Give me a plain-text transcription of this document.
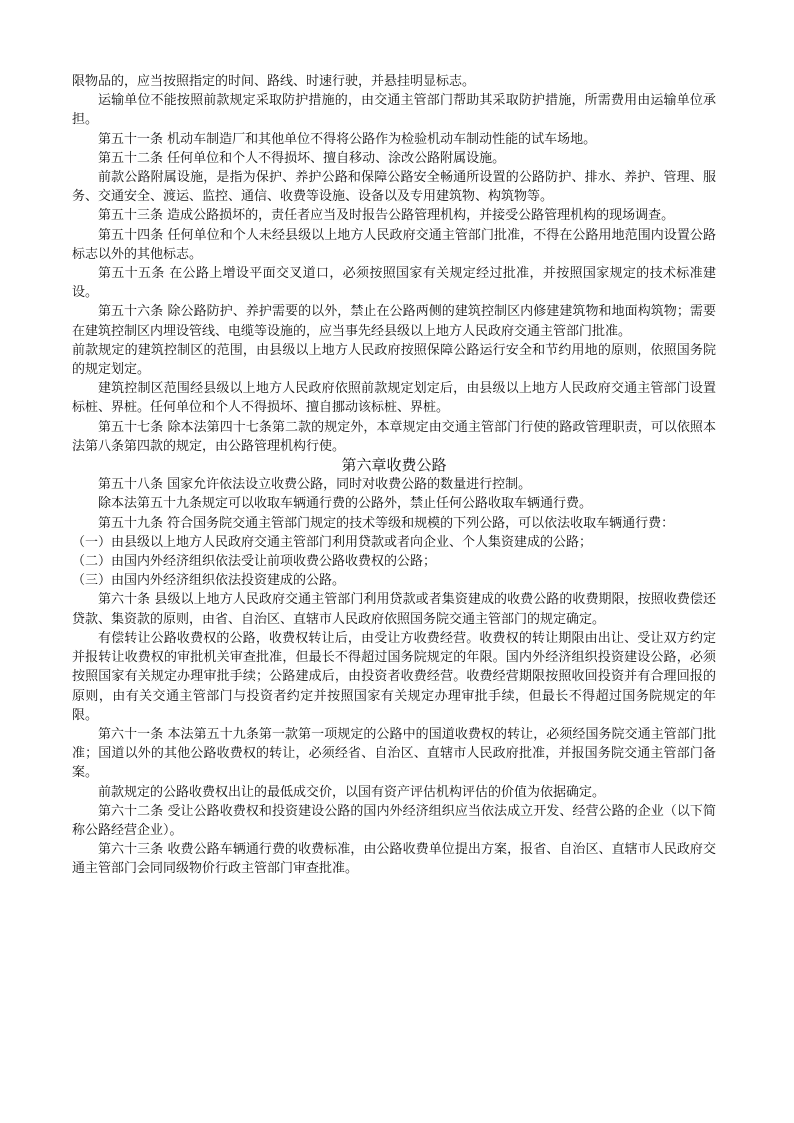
限物品的，应当按照指定的时间、路线、时速行驶，并悬挂明显标志。

运输单位不能按照前款规定采取防护措施的，由交通主管部门帮助其采取防护措施，所需费用由运输单位承担。

第五十一条 机动车制造厂和其他单位不得将公路作为检验机动车制动性能的试车场地。

第五十二条 任何单位和个人不得损坏、擅自移动、涂改公路附属设施。

前款公路附属设施，是指为保护、养护公路和保障公路安全畅通所设置的公路防护、排水、养护、管理、服务、交通安全、渡运、监控、通信、收费等设施、设备以及专用建筑物、构筑物等。

第五十三条 造成公路损坏的，责任者应当及时报告公路管理机构，并接受公路管理机构的现场调查。

第五十四条 任何单位和个人未经县级以上地方人民政府交通主管部门批准，不得在公路用地范围内设置公路标志以外的其他标志。

第五十五条 在公路上增设平面交叉道口，必须按照国家有关规定经过批准，并按照国家规定的技术标准建设。

第五十六条 除公路防护、养护需要的以外，禁止在公路两侧的建筑控制区内修建建筑物和地面构筑物；需要在建筑控制区内埋设管线、电缆等设施的，应当事先经县级以上地方人民政府交通主管部门批准。

前款规定的建筑控制区的范围，由县级以上地方人民政府按照保障公路运行安全和节约用地的原则，依照国务院的规定划定。

建筑控制区范围经县级以上地方人民政府依照前款规定划定后，由县级以上地方人民政府交通主管部门设置标桩、界桩。任何单位和个人不得损坏、擅自挪动该标桩、界桩。

第五十七条 除本法第四十七条第二款的规定外，本章规定由交通主管部门行使的路政管理职责，可以依照本法第八条第四款的规定，由公路管理机构行使。

第六章收费公路

第五十八条 国家允许依法设立收费公路，同时对收费公路的数量进行控制。

除本法第五十九条规定可以收取车辆通行费的公路外，禁止任何公路收取车辆通行费。

第五十九条 符合国务院交通主管部门规定的技术等级和规模的下列公路，可以依法收取车辆通行费：

（一）由县级以上地方人民政府交通主管部门利用贷款或者向企业、个人集资建成的公路；

（二）由国内外经济组织依法受让前项收费公路收费权的公路；

（三）由国内外经济组织依法投资建成的公路。

第六十条 县级以上地方人民政府交通主管部门利用贷款或者集资建成的收费公路的收费期限，按照收费偿还贷款、集资款的原则，由省、自治区、直辖市人民政府依照国务院交通主管部门的规定确定。

有偿转让公路收费权的公路，收费权转让后，由受让方收费经营。收费权的转让期限由出让、受让双方约定并报转让收费权的审批机关审查批准，但最长不得超过国务院规定的年限。国内外经济组织投资建设公路，必须按照国家有关规定办理审批手续；公路建成后，由投资者收费经营。收费经营期限按照收回投资并有合理回报的原则，由有关交通主管部门与投资者约定并按照国家有关规定办理审批手续，但最长不得超过国务院规定的年限。

第六十一条 本法第五十九条第一款第一项规定的公路中的国道收费权的转让，必须经国务院交通主管部门批准；国道以外的其他公路收费权的转让，必须经省、自治区、直辖市人民政府批准，并报国务院交通主管部门备案。

前款规定的公路收费权出让的最低成交价，以国有资产评估机构评估的价值为依据确定。

第六十二条 受让公路收费权和投资建设公路的国内外经济组织应当依法成立开发、经营公路的企业（以下简称公路经营企业）。

第六十三条 收费公路车辆通行费的收费标准，由公路收费单位提出方案，报省、自治区、直辖市人民政府交通主管部门会同同级物价行政主管部门审查批准。
